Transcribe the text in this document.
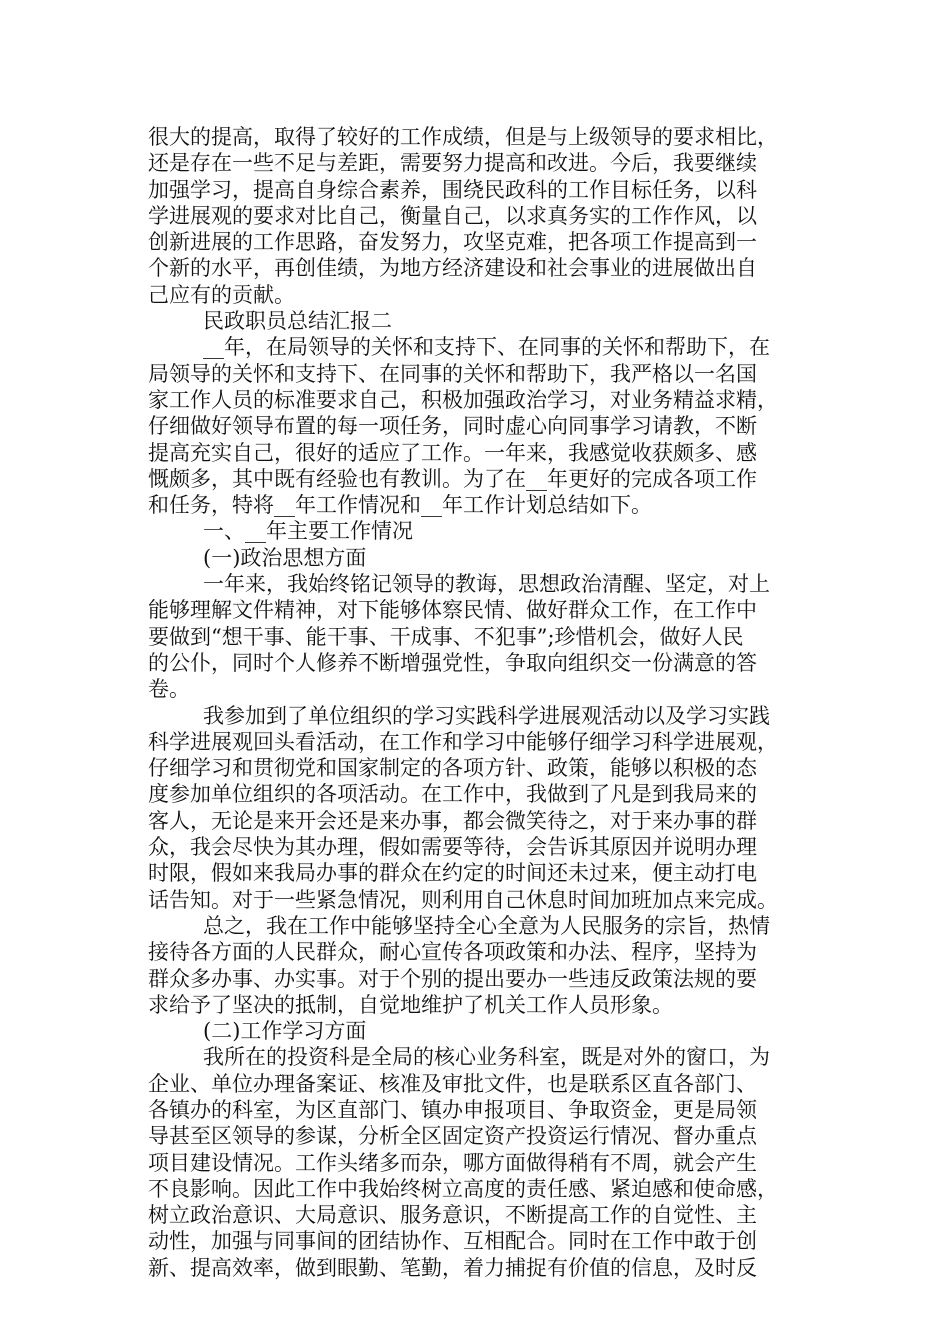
很大的提高，取得了较好的工作成绩，但是与上级领导的要求相比，
还是存在一些不足与差距，需要努力提高和改进。今后，我要继续
加强学习，提高自身综合素养，围绕民政科的工作目标任务，以科
学进展观的要求对比自己，衡量自己，以求真务实的工作作风，以
创新进展的工作思路，奋发努力，攻坚克难，把各项工作提高到一
个新的水平，再创佳绩，为地方经济建设和社会事业的进展做出自
己应有的贡献。
民政职员总结汇报二
__年，在局领导的关怀和支持下、在同事的关怀和帮助下，在
局领导的关怀和支持下、在同事的关怀和帮助下，我严格以一名国
家工作人员的标准要求自己，积极加强政治学习，对业务精益求精，
仔细做好领导布置的每一项任务，同时虚心向同事学习请教，不断
提高充实自己，很好的适应了工作。一年来，我感觉收获颇多、感
慨颇多，其中既有经验也有教训。为了在__年更好的完成各项工作
和任务，特将__年工作情况和__年工作计划总结如下。
一、__年主要工作情况
(一)政治思想方面
一年来，我始终铭记领导的教诲，思想政治清醒、坚定，对上
能够理解文件精神，对下能够体察民情、做好群众工作，在工作中
要做到“想干事、能干事、干成事、不犯事”;珍惜机会，做好人民
的公仆，同时个人修养不断增强党性，争取向组织交一份满意的答
卷。
我参加到了单位组织的学习实践科学进展观活动以及学习实践
科学进展观回头看活动，在工作和学习中能够仔细学习科学进展观，
仔细学习和贯彻党和国家制定的各项方针、政策，能够以积极的态
度参加单位组织的各项活动。在工作中，我做到了凡是到我局来的
客人，无论是来开会还是来办事，都会微笑待之，对于来办事的群
众，我会尽快为其办理，假如需要等待，会告诉其原因并说明办理
时限，假如来我局办事的群众在约定的时间还未过来，便主动打电
话告知。对于一些紧急情况，则利用自己休息时间加班加点来完成。
总之，我在工作中能够坚持全心全意为人民服务的宗旨，热情
接待各方面的人民群众，耐心宣传各项政策和办法、程序，坚持为
群众多办事、办实事。对于个别的提出要办一些违反政策法规的要
求给予了坚决的抵制，自觉地维护了机关工作人员形象。
(二)工作学习方面
我所在的投资科是全局的核心业务科室，既是对外的窗口，为
企业、单位办理备案证、核准及审批文件，也是联系区直各部门、
各镇办的科室，为区直部门、镇办申报项目、争取资金，更是局领
导甚至区领导的参谋，分析全区固定资产投资运行情况、督办重点
项目建设情况。工作头绪多而杂，哪方面做得稍有不周，就会产生
不良影响。因此工作中我始终树立高度的责任感、紧迫感和使命感，
树立政治意识、大局意识、服务意识，不断提高工作的自觉性、主
动性，加强与同事间的团结协作、互相配合。同时在工作中敢于创
新、提高效率，做到眼勤、笔勤，着力捕捉有价值的信息，及时反
